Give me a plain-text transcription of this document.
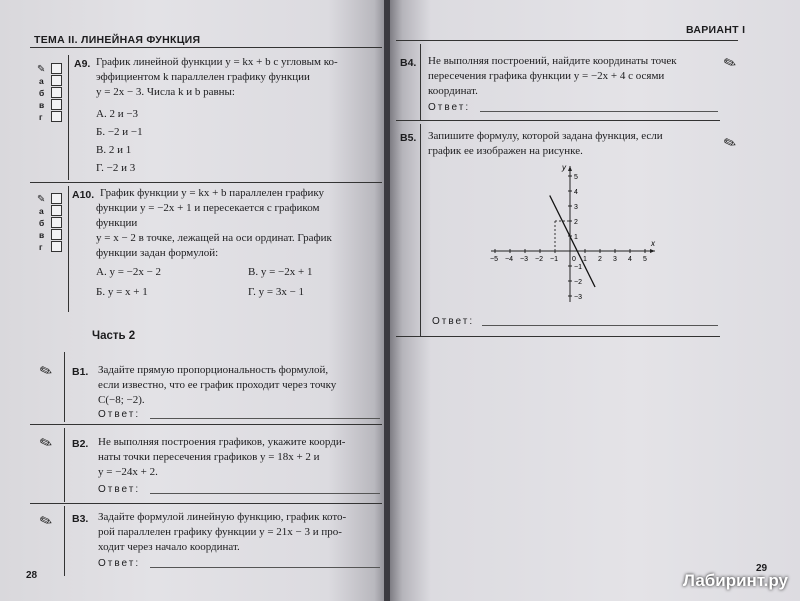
ТЕМА II. ЛИНЕЙНАЯ ФУНКЦИЯ
✎
а
б
в
г
А9. График линейной функции y = kx + b с угловым ко-
эффициентом k параллелен графику функции
y = 2x − 3. Числа k и b равны:
А. 2 и −3
Б. −2 и −1
В. 2 и 1
Г. −2 и 3
✎
а
б
в
г
А10. График функции y = kx + b параллелен графику
функции y = −2x + 1 и пересекается с графиком
функции
y = x − 2 в точке, лежащей на оси ординат. График
функции задан формулой:
А. y = −2x − 2	В. y = −2x + 1
Б. y = x + 1	Г. y = 3x − 1
Часть 2
✎ В1. Задайте прямую пропорциональность формулой,
если известно, что ее график проходит через точку
C(−8; −2).
Ответ:
✎ В2. Не выполняя построения графиков, укажите коорди-
наты точки пересечения графиков y = 18x + 2 и
y = −24x + 2.
Ответ:
✎ В3. Задайте формулой линейную функцию, график кото-
рой параллелен графику функции y = 21x − 3 и про-
ходит через начало координат.
Ответ:
28
ВАРИАНТ I
В4. Не выполняя построений, найдите координаты точек
пересечения графика функции y = −2x + 4 с осями
координат.
Ответ:
✎
В5. Запишите формулу, которой задана функция, если
график ее изображен на рисунке.	✎
x
y
−5 −4 −3 −2 −1 0 1 2 3 4 5
5
4
3
2
1
−1
−2
−3
Ответ:
29
Лабиринт.ру
